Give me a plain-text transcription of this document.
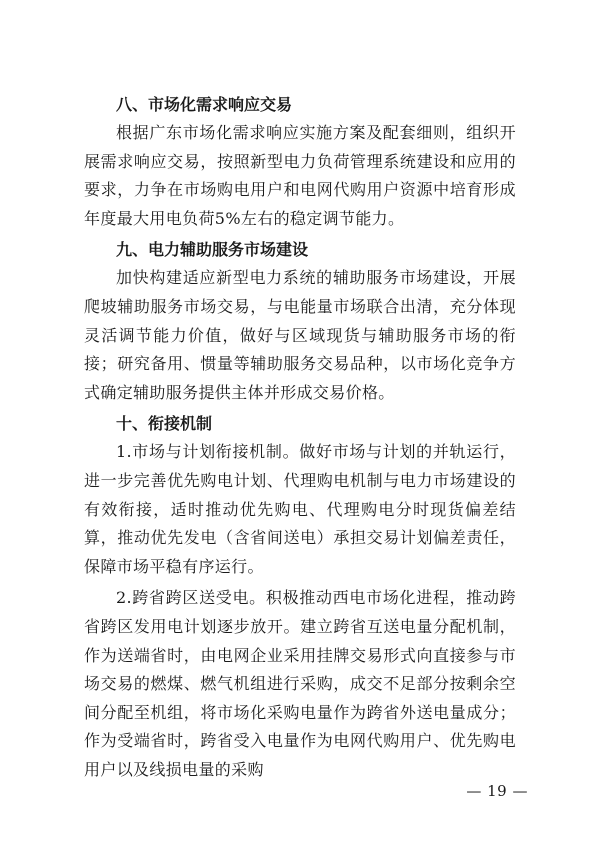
八、市场化需求响应交易

根据广东市场化需求响应实施方案及配套细则，组织开展需求响应交易，按照新型电力负荷管理系统建设和应用的要求，力争在市场购电用户和电网代购用户资源中培育形成年度最大用电负荷5%左右的稳定调节能力。

九、电力辅助服务市场建设

加快构建适应新型电力系统的辅助服务市场建设，开展爬坡辅助服务市场交易，与电能量市场联合出清，充分体现灵活调节能力价值，做好与区域现货与辅助服务市场的衔接；研究备用、惯量等辅助服务交易品种，以市场化竞争方式确定辅助服务提供主体并形成交易价格。

十、衔接机制

1.市场与计划衔接机制。做好市场与计划的并轨运行，进一步完善优先购电计划、代理购电机制与电力市场建设的有效衔接，适时推动优先购电、代理购电分时现货偏差结算，推动优先发电（含省间送电）承担交易计划偏差责任，保障市场平稳有序运行。

2.跨省跨区送受电。积极推动西电市场化进程，推动跨省跨区发用电计划逐步放开。建立跨省互送电量分配机制，作为送端省时，由电网企业采用挂牌交易形式向直接参与市场交易的燃煤、燃气机组进行采购，成交不足部分按剩余空间分配至机组，将市场化采购电量作为跨省外送电量成分；作为受端省时，跨省受入电量作为电网代购用户、优先购电用户以及线损电量的采购

— 19 —
